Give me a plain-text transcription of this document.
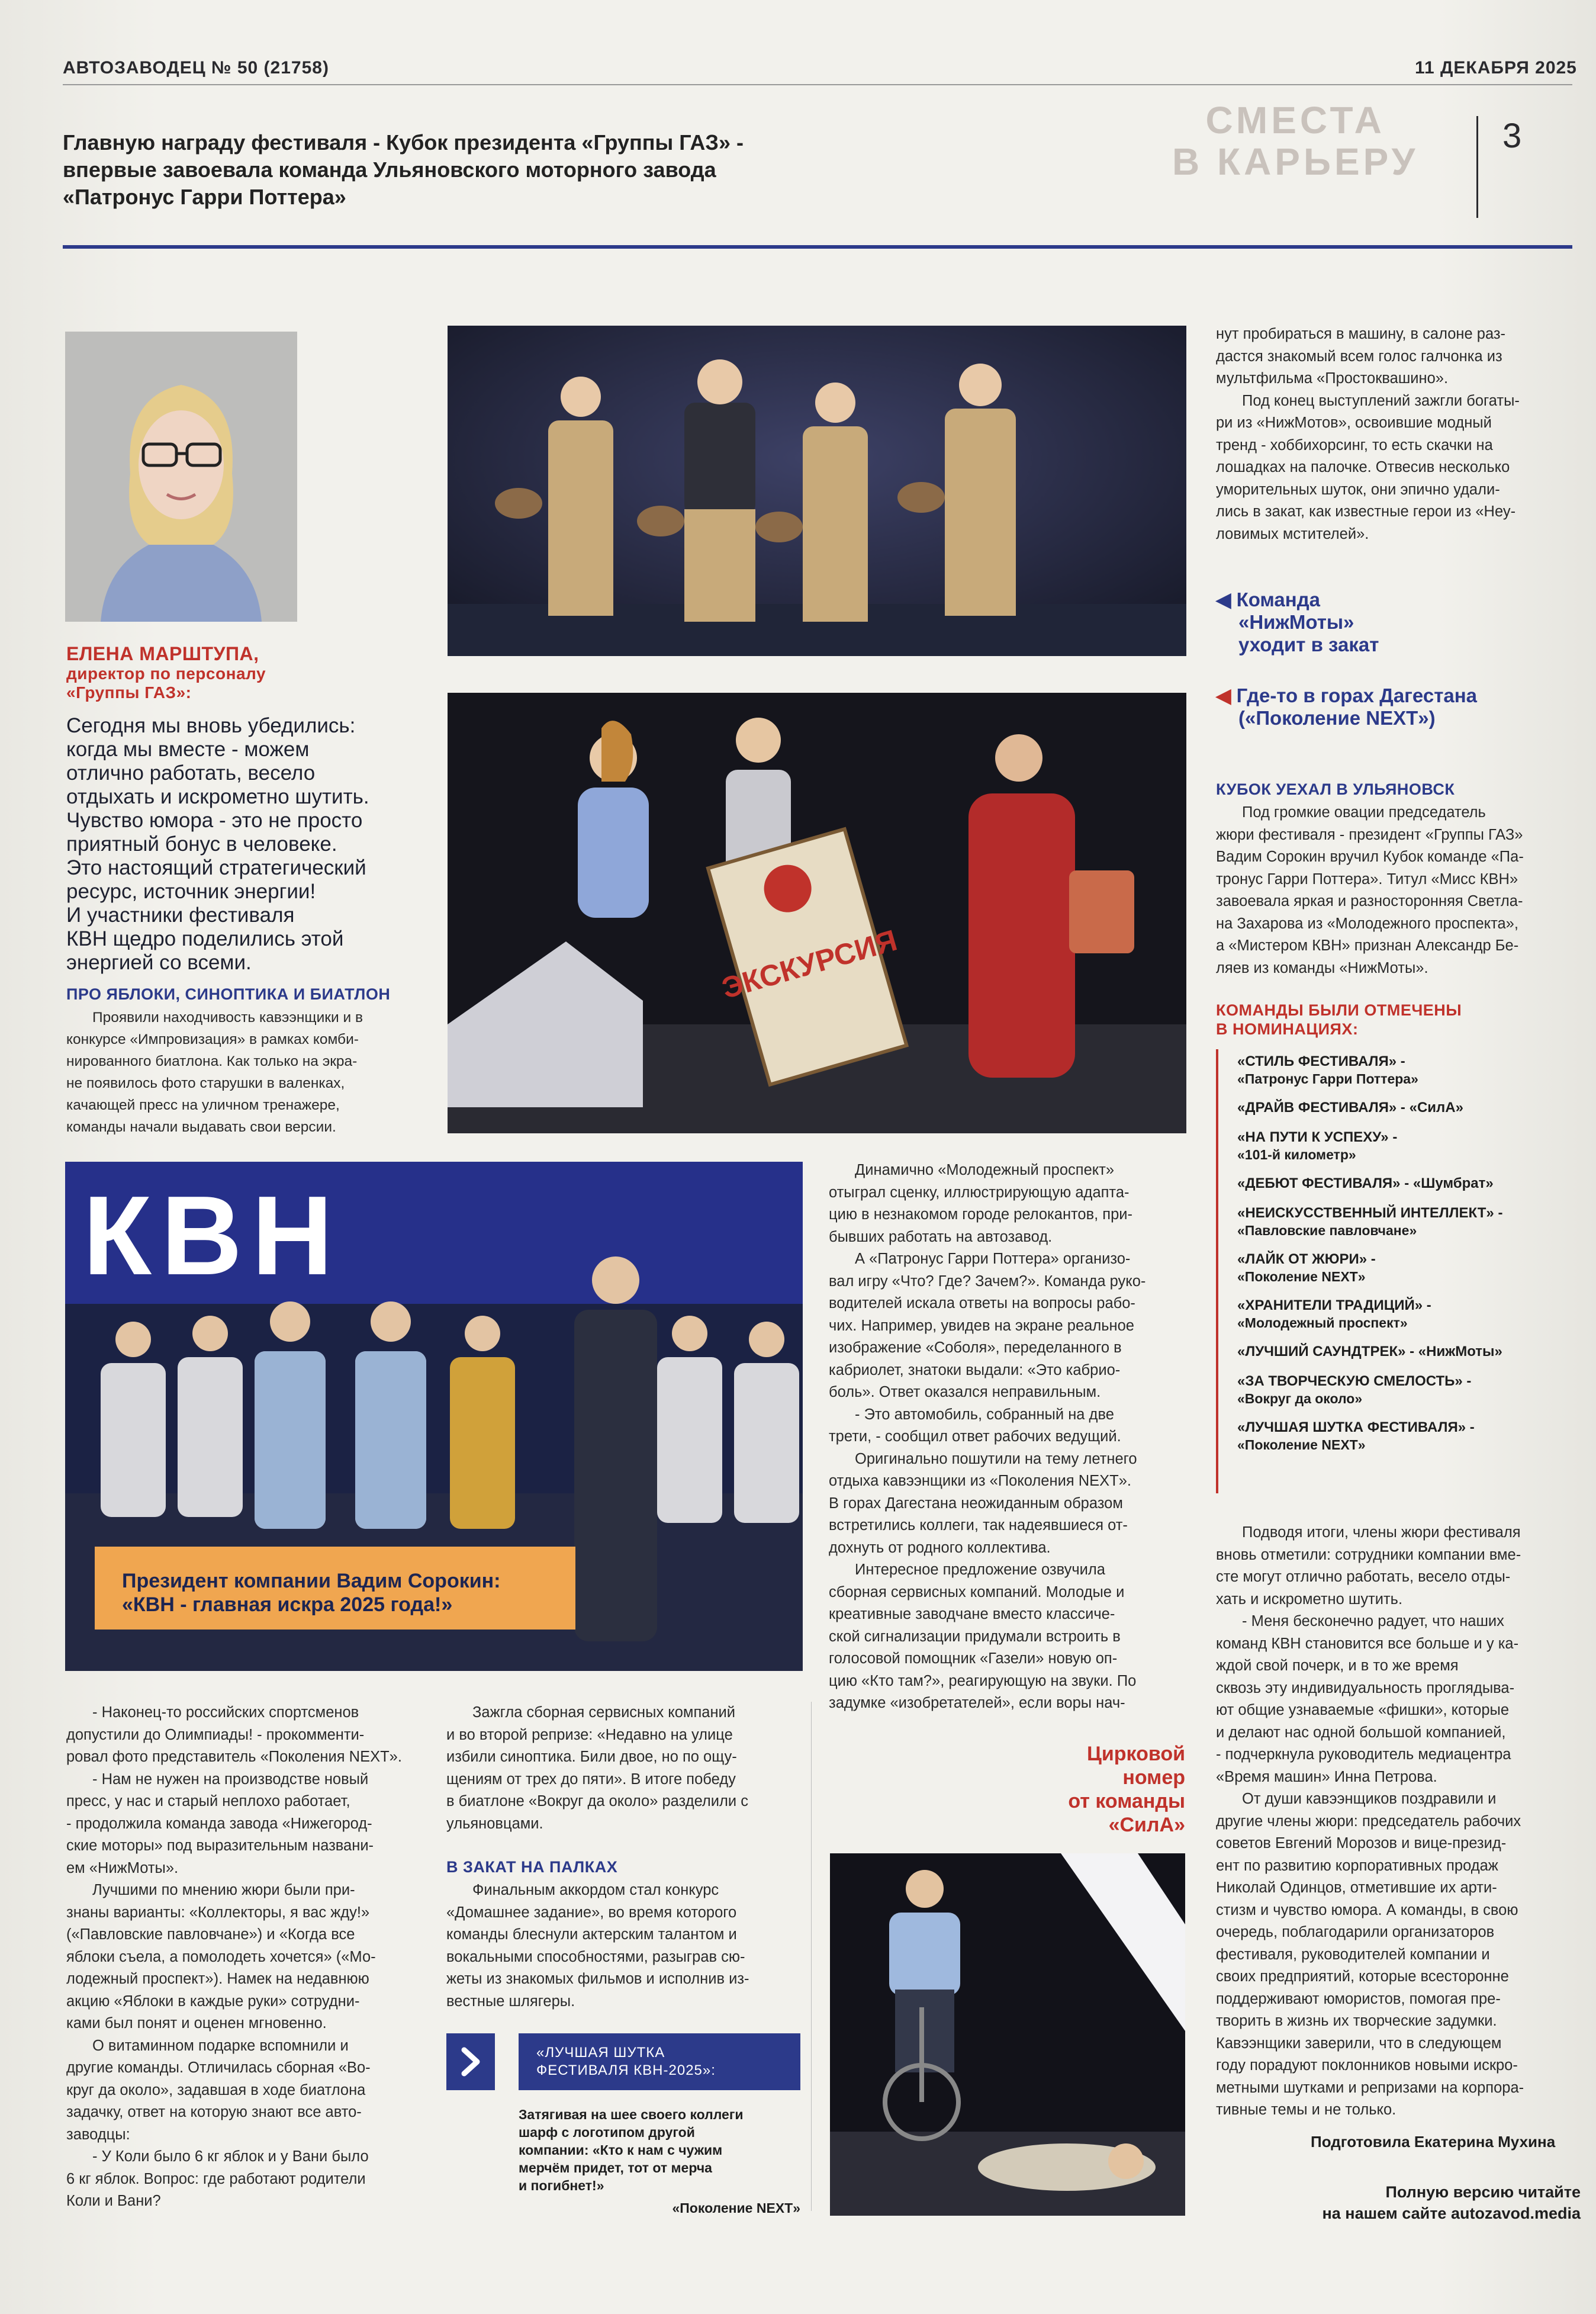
АВТОЗАВОДЕЦ № 50 (21758)	11 ДЕКАБРЯ 2025
СМЕСТА
В КАРЬЕРУ
3
Главную награду фестиваля - Кубок президента «Группы ГАЗ» -
впервые завоевала команда Ульяновского моторного завода
«Патронус Гарри Поттера»
ЕЛЕНА МАРШТУПА,
директор по персоналу
«Группы ГАЗ»:
Сегодня мы вновь убедились:
когда мы вместе - можем
отлично работать, весело
отдыхать и искрометно шутить.
Чувство юмора - это не просто
приятный бонус в человеке.
Это настоящий стратегический
ресурс, источник энергии!
И участники фестиваля
КВН щедро поделились этой
энергией со всеми.
ПРО ЯБЛОКИ, СИНОПТИКА И БИАТЛОН

Проявили находчивость кавээнщики и в

конкурсе «Импровизация» в рамках комби-
нированного биатлона. Как только на экра-
не появилось фото старушки в валенках,
качающей пресс на уличном тренажере,
команды начали выдавать свои версии.
ЭКСКУРСИЯ
нут пробираться в машину, в салоне раз-
дастся знакомый всем голос галчонка из
мультфильма «Простоквашино».

Под конец выступлений зажгли богаты-

ри из «НижМотов», освоившие модный
тренд - хоббихорсинг, то есть скачки на
лошадках на палочке. Отвесив несколько
уморительных шуток, они эпично удали-
лись в закат, как известные герои из «Неу-
ловимых мстителей».
◀ Команда
«НижМоты»
уходит в закат
◀ Где-то в горах Дагестана
(«Поколение NEXT»)
КУБОК УЕХАЛ В УЛЬЯНОВСК

Под громкие овации председатель

жюри фестиваля - президент «Группы ГАЗ»
Вадим Сорокин вручил Кубок команде «Па-
тронус Гарри Поттера». Титул «Мисс КВН»
завоевала яркая и разносторонняя Светла-
на Захарова из «Молодежного проспекта»,
а «Мистером КВН» признан Александр Бе-
ляев из команды «НижМоты».
КОМАНДЫ БЫЛИ ОТМЕЧЕНЫ
В НОМИНАЦИЯХ:
«СТИЛЬ ФЕСТИВАЛЯ» -
«Патронус Гарри Поттера»
«ДРАЙВ ФЕСТИВАЛЯ» - «СилА»
«НА ПУТИ К УСПЕХУ» -
«101-й километр»
«ДЕБЮТ ФЕСТИВАЛЯ» - «Шумбрат»
«НЕИСКУССТВЕННЫЙ ИНТЕЛЛЕКТ» -
«Павловские павловчане»
«ЛАЙК ОТ ЖЮРИ» -
«Поколение NEXT»
«ХРАНИТЕЛИ ТРАДИЦИЙ» -
«Молодежный проспект»
«ЛУЧШИЙ САУНДТРЕК» - «НижМоты»
«ЗА ТВОРЧЕСКУЮ СМЕЛОСТЬ» -
«Вокруг да около»
«ЛУЧШАЯ ШУТКА ФЕСТИВАЛЯ» -
«Поколение NEXT»

Подводя итоги, члены жюри фестиваля

вновь отметили: сотрудники компании вме-
сте могут отлично работать, весело отды-
хать и искрометно шутить.

- Меня бесконечно радует, что наших

команд КВН становится все больше и у ка-
ждой свой почерк, и в то же время
сквозь эту индивидуальность проглядыва-
ют общие узнаваемые «фишки», которые
и делают нас одной большой компанией,
- подчеркнула руководитель медиацентра
«Время машин» Инна Петрова.

От души кавээнщиков поздравили и

другие члены жюри: председатель рабочих
советов Евгений Морозов и вице-презид-
ент по развитию корпоративных продаж
Николай Одинцов, отметившие их арти-
стизм и чувство юмора. А команды, в свою
очередь, поблагодарили организаторов
фестиваля, руководителей компании и
своих предприятий, которые всесторонне
поддерживают юмористов, помогая пре-
творить в жизнь их творческие задумки.
Кавээнщики заверили, что в следующем
году порадуют поклонников новыми искро-
метными шутками и репризами на корпора-
тивные темы и не только.
Подготовила Екатерина Мухина
Полную версию читайте
на нашем сайте autozavod.media
КВН
Президент компании Вадим Сорокин:
«КВН - главная искра 2025 года!»

Динамично «Молодежный проспект»

отыграл сценку, иллюстрирующую адапта-
цию в незнакомом городе релокантов, при-
бывших работать на автозавод.

А «Патронус Гарри Поттера» организо-

вал игру «Что? Где? Зачем?». Команда руко-
водителей искала ответы на вопросы рабо-
чих. Например, увидев на экране реальное
изображение «Соболя», переделанного в
кабриолет, знатоки выдали: «Это кабрио-
боль». Ответ оказался неправильным.

- Это автомобиль, собранный на две

трети, - сообщил ответ рабочих ведущий.

Оригинально пошутили на тему летнего

отдыха кавээнщики из «Поколения NEXT».
В горах Дагестана неожиданным образом
встретились коллеги, так надеявшиеся от-
дохнуть от родного коллектива.

Интересное предложение озвучила

сборная сервисных компаний. Молодые и
креативные заводчане вместо классиче-
ской сигнализации придумали встроить в
голосовой помощник «Газели» новую оп-
цию «Кто там?», реагирующую на звуки. По
задумке «изобретателей», если воры нач-

- Наконец-то российских спортсменов

допустили до Олимпиады! - прокомменти-
ровал фото представитель «Поколения NEXT».

- Нам не нужен на производстве новый

пресс, у нас и старый неплохо работает,
- продолжила команда завода «Нижегород-
ские моторы» под выразительным названи-
ем «НижМоты».

Лучшими по мнению жюри были при-

знаны варианты: «Коллекторы, я вас жду!»
(«Павловские павловчане») и «Когда все
яблоки съела, а помолодеть хочется» («Мо-
лодежный проспект»). Намек на недавнюю
акцию «Яблоки в каждые руки» сотрудни-
ками был понят и оценен мгновенно.

О витаминном подарке вспомнили и

другие команды. Отличилась сборная «Во-
круг да около», задавшая в ходе биатлона
задачку, ответ на которую знают все авто-
заводцы:

- У Коли было 6 кг яблок и у Вани было

6 кг яблок. Вопрос: где работают родители
Коли и Вани?

Зажгла сборная сервисных компаний

и во второй репризе: «Недавно на улице
избили синоптика. Били двое, но по ощу-
щениям от трех до пяти». В итоге победу
в биатлоне «Вокруг да около» разделили с
ульяновцами.
В ЗАКАТ НА ПАЛКАХ

Финальным аккордом стал конкурс

«Домашнее задание», во время которого
команды блеснули актерским талантом и
вокальными способностями, разыграв сю-
жеты из знакомых фильмов и исполнив из-
вестные шлягеры.
«ЛУЧШАЯ ШУТКА
ФЕСТИВАЛЯ КВН-2025»:
Затягивая на шее своего коллеги
шарф с логотипом другой
компании: «Кто к нам с чужим
мерчём придет, тот от мерча
и погибнет!»
«Поколение NEXT»
Цирковой
номер
от команды
«СилА»
